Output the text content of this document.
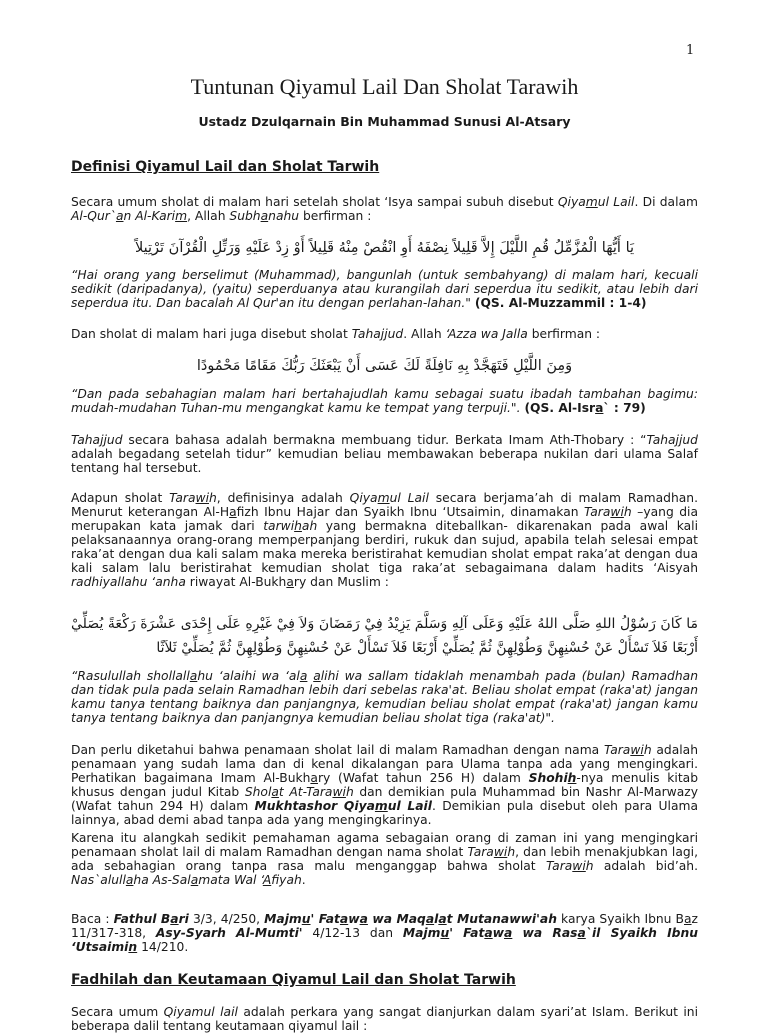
1
Tuntunan Qiyamul Lail Dan Sholat Tarawih
Ustadz Dzulqarnain Bin Muhammad Sunusi Al-Atsary
Definisi Qiyamul Lail dan Sholat Tarwih
Secara umum sholat di malam hari setelah sholat ‘Isya sampai subuh disebut Qiyamul Lail. Di dalam Al-Qur`an Al-Karim, Allah Subhanahu berfirman :
يَا أَيُّهَا الْمُزَّمِّلُ قُمِ اللَّيْلَ إِلاَّ قَلِيلاً نِصْفَهُ أَوِ انْقُصْ مِنْهُ قَلِيلاً أَوْ زِدْ عَلَيْهِ وَرَتِّلِ الْقُرْآنَ تَرْتِيلاً
“Hai orang yang berselimut (Muhammad), bangunlah (untuk sembahyang) di malam hari, kecuali sedikit (daripadanya), (yaitu) seperduanya atau kurangilah dari seperdua itu sedikit, atau lebih dari seperdua itu. Dan bacalah Al Qur'an itu dengan perlahan-lahan." (QS. Al-Muzzammil : 1-4)
Dan sholat di malam hari juga disebut sholat Tahajjud. Allah ‘Azza wa Jalla berfirman :
وَمِنَ اللَّيْلِ فَتَهَجَّدْ بِهِ نَافِلَةً لَكَ عَسَى أَنْ يَبْعَثَكَ رَبُّكَ مَقَامًا مَحْمُودًا
“Dan pada sebahagian malam hari bertahajudlah kamu sebagai suatu ibadah tambahan bagimu: mudah-mudahan Tuhan-mu mengangkat kamu ke tempat yang terpuji.". (QS. Al-Isra` : 79)
Tahajjud secara bahasa adalah bermakna membuang tidur. Berkata Imam Ath-Thobary : “Tahajjud adalah begadang setelah tidur” kemudian beliau membawakan beberapa nukilan dari ulama Salaf tentang hal tersebut.
Adapun sholat Tarawih, definisinya adalah Qiyamul Lail secara berjama’ah di malam Ramadhan. Menurut keterangan Al-Hafizh Ibnu Hajar dan Syaikh Ibnu ‘Utsaimin, dinamakan Tarawih –yang dia merupakan kata jamak dari tarwihah yang bermakna diteballkan- dikarenakan pada awal kali pelaksanaannya orang-orang memperpanjang berdiri, rukuk dan sujud, apabila telah selesai empat raka’at dengan dua kali salam maka mereka beristirahat kemudian sholat empat raka’at dengan dua kali salam lalu beristirahat kemudian sholat tiga raka’at sebagaimana dalam hadits ‘Aisyah radhiyallahu ‘anha riwayat Al-Bukhary dan Muslim :
مَا كَانَ رَسُوْلُ اللهِ صَلَّى اللهُ عَلَيْهِ وَعَلَى آلِهِ وَسَلَّمَ يَزِيْدُ فِيْ رَمَضَانَ وَلاَ فِيْ غَيْرِهِ عَلَى إِحْدَى عَشْرَةَ رَكْعَةً يُصَلِّيْ أَرْبَعًا فَلاَ تَسْأَلْ عَنْ حُسْنِهِنَّ وَطُوْلِهِنَّ ثُمَّ يُصَلِّيْ أَرْبَعًا فَلاَ تَسْأَلْ عَنْ حُسْنِهِنَّ وَطُوْلِهِنَّ ثُمَّ يُصَلِّيْ ثَلاَثًا
“Rasulullah shollallahu ‘alaihi wa ‘ala alihi wa sallam tidaklah menambah pada (bulan) Ramadhan dan tidak pula pada selain Ramadhan lebih dari sebelas raka'at. Beliau sholat empat (raka'at) jangan kamu tanya tentang baiknya dan panjangnya, kemudian beliau sholat empat (raka'at) jangan kamu tanya tentang baiknya dan panjangnya kemudian beliau sholat tiga (raka'at)".
Dan perlu diketahui bahwa penamaan sholat lail di malam Ramadhan dengan nama Tarawih adalah penamaan yang sudah lama dan di kenal dikalangan para Ulama tanpa ada yang mengingkari. Perhatikan bagaimana Imam Al-Bukhary (Wafat tahun 256 H) dalam Shohih-nya menulis kitab khusus dengan judul Kitab Sholat At-Tarawih dan demikian pula Muhammad bin Nashr Al-Marwazy (Wafat tahun 294 H) dalam Mukhtashor Qiyamul Lail. Demikian pula disebut oleh para Ulama lainnya, abad demi abad tanpa ada yang mengingkarinya.
Karena itu alangkah sedikit pemahaman agama sebagaian orang di zaman ini yang mengingkari penamaan sholat lail di malam Ramadhan dengan nama sholat Tarawih, dan lebih menakjubkan lagi, ada sebahagian orang tanpa rasa malu menganggap bahwa sholat Tarawih adalah bid’ah. Nas`alullaha As-Salamata Wal ‘Afiyah.
Baca : Fathul Bari 3/3, 4/250, Majmu' Fatawa wa Maqalat Mutanawwi'ah karya Syaikh Ibnu Baz 11/317-318, Asy-Syarh Al-Mumti' 4/12-13 dan Majmu' Fatawa wa Rasa`il Syaikh Ibnu ‘Utsaimin 14/210.
Fadhilah dan Keutamaan Qiyamul Lail dan Sholat Tarwih
Secara umum Qiyamul lail adalah perkara yang sangat dianjurkan dalam syari’at Islam. Berikut ini beberapa dalil tentang keutamaan qiyamul lail :
